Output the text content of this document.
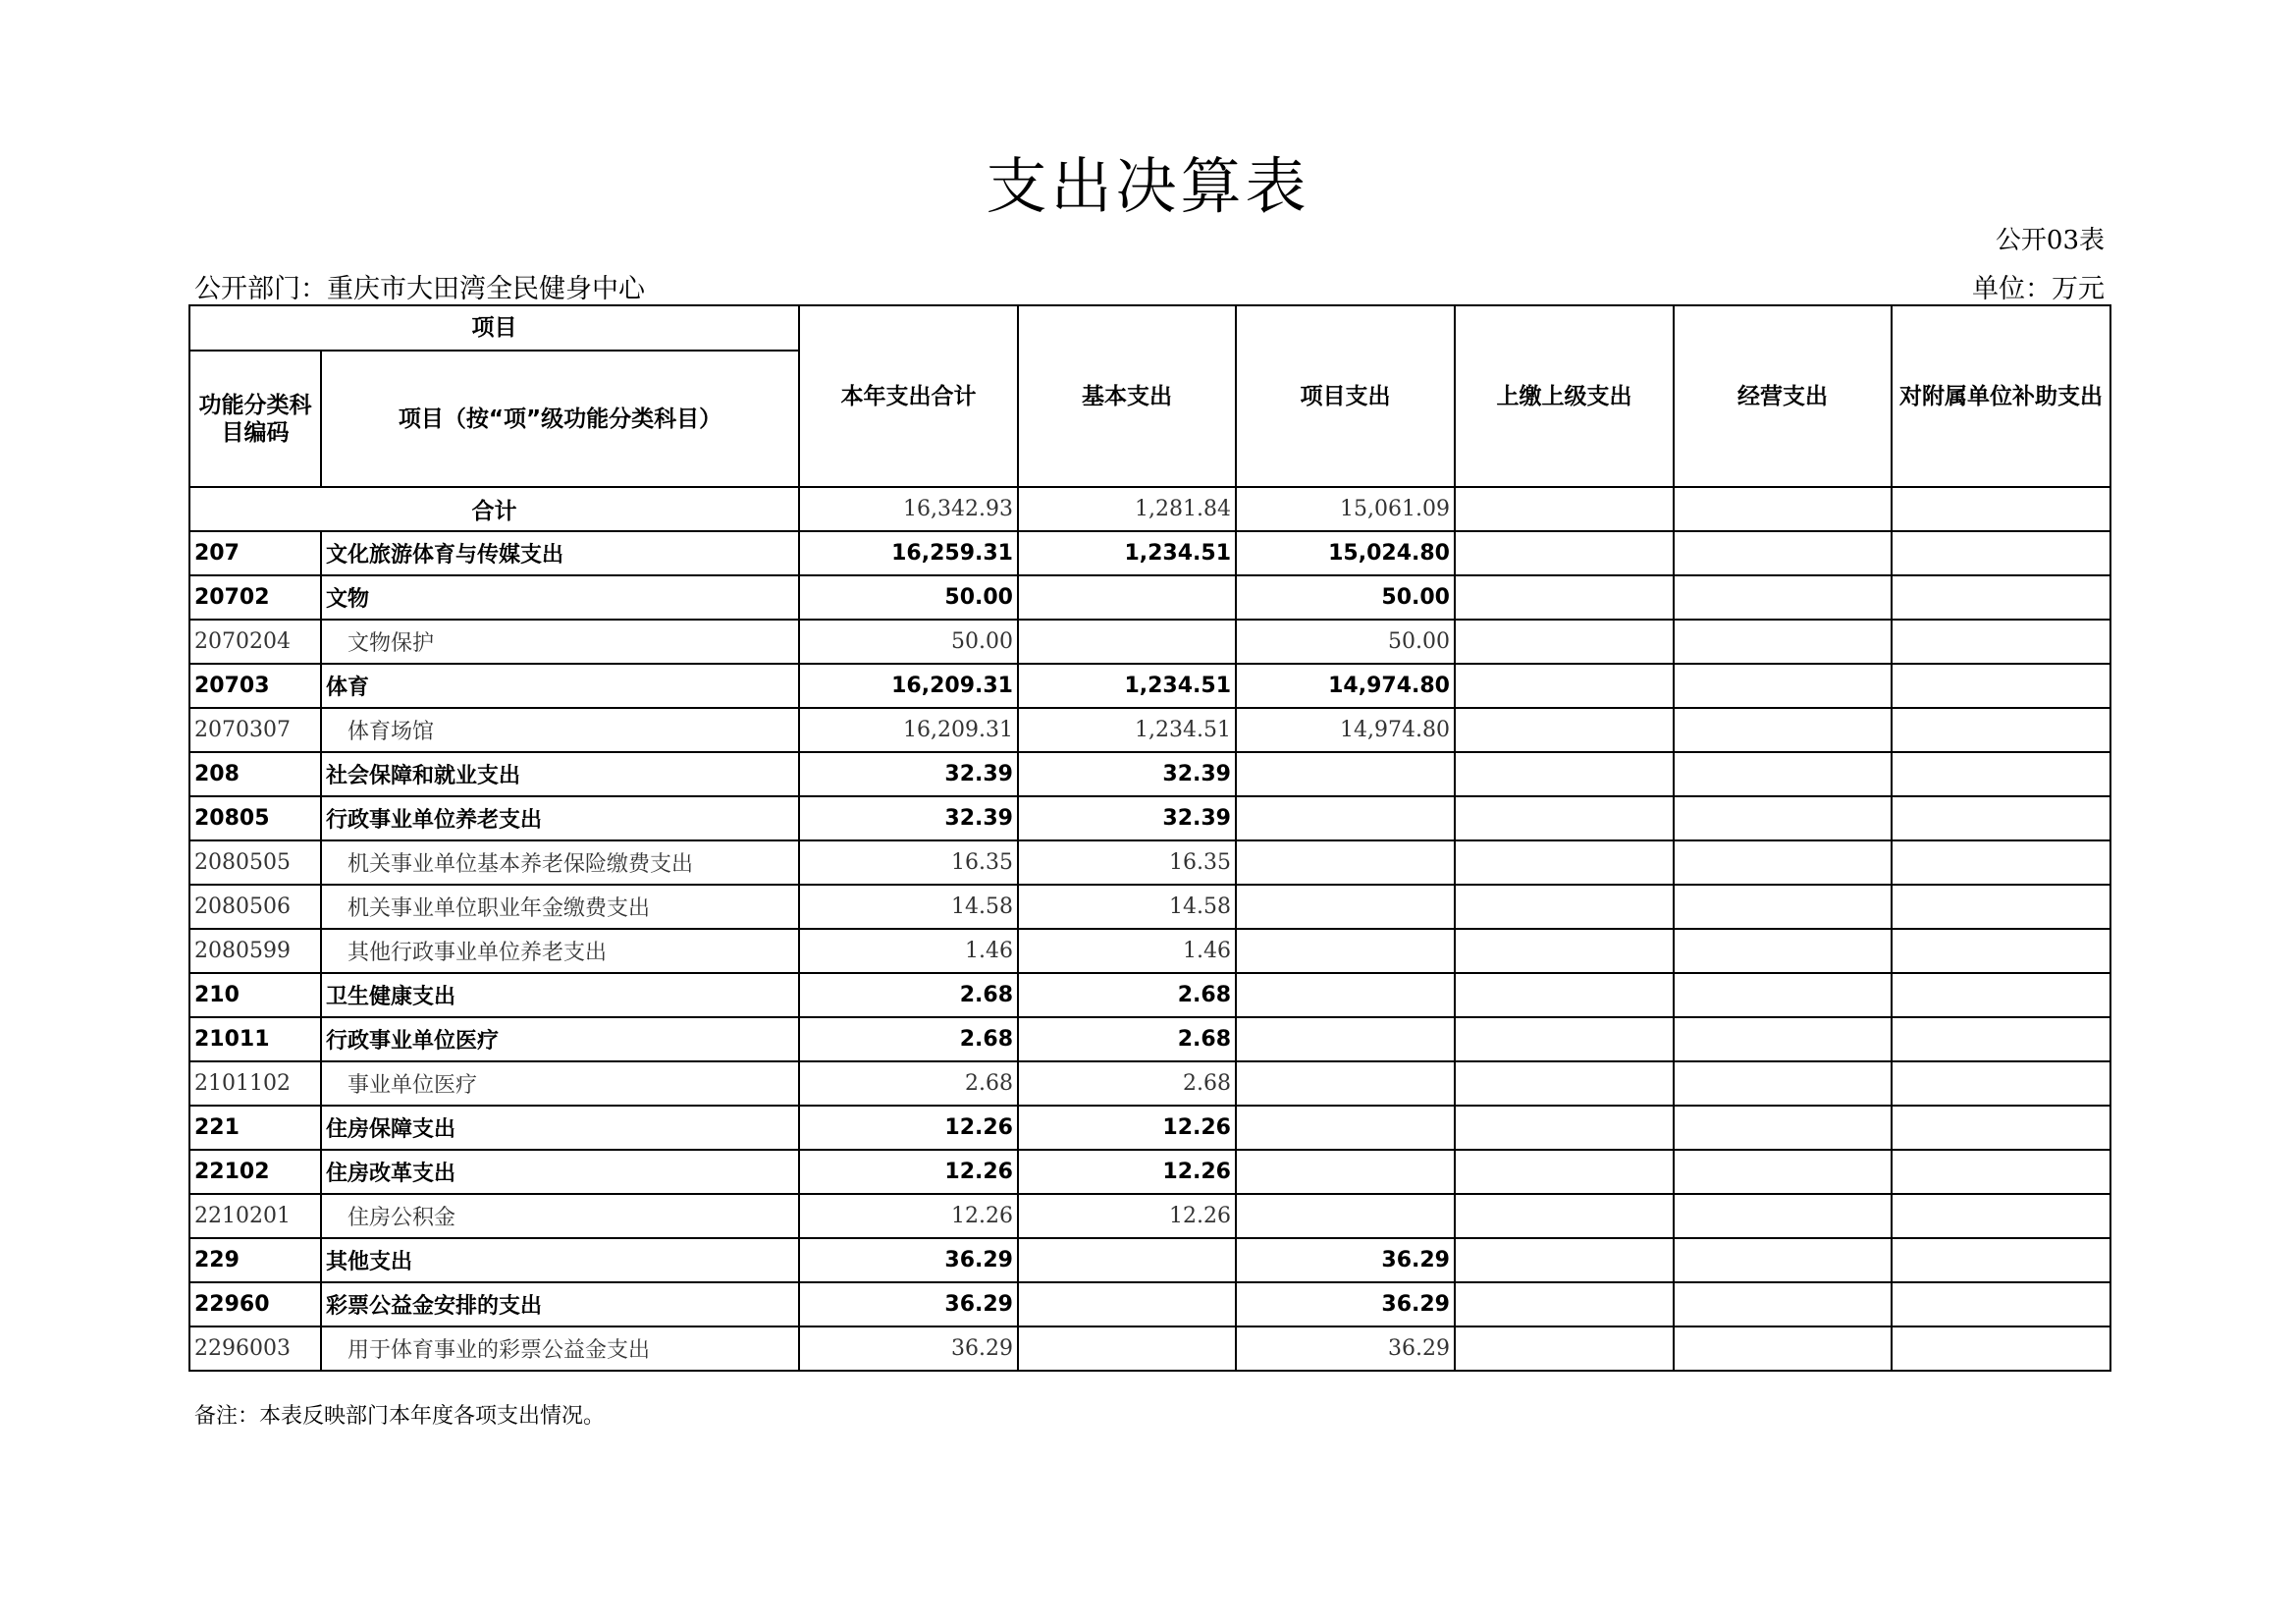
支出决算表
公开03表
公开部门：重庆市大田湾全民健身中心	单位：万元
项目		本年支出合计	基本支出	项目支出	上缴上级支出	经营支出	对附属单位补助支出
功能分类科目编码	项目（按“项”级功能分类科目）						
合计		16,342.93	1,281.84	15,061.09			
207	文化旅游体育与传媒支出	16,259.31	1,234.51	15,024.80			
20702	文物	50.00		50.00			
2070204	文物保护	50.00		50.00			
20703	体育	16,209.31	1,234.51	14,974.80			
2070307	体育场馆	16,209.31	1,234.51	14,974.80			
208	社会保障和就业支出	32.39	32.39				
20805	行政事业单位养老支出	32.39	32.39				
2080505	机关事业单位基本养老保险缴费支出	16.35	16.35				
2080506	机关事业单位职业年金缴费支出	14.58	14.58				
2080599	其他行政事业单位养老支出	1.46	1.46				
210	卫生健康支出	2.68	2.68				
21011	行政事业单位医疗	2.68	2.68				
2101102	事业单位医疗	2.68	2.68				
221	住房保障支出	12.26	12.26				
22102	住房改革支出	12.26	12.26				
2210201	住房公积金	12.26	12.26				
229	其他支出	36.29		36.29			
22960	彩票公益金安排的支出	36.29		36.29			
2296003	用于体育事业的彩票公益金支出	36.29		36.29			
备注：本表反映部门本年度各项支出情况。
